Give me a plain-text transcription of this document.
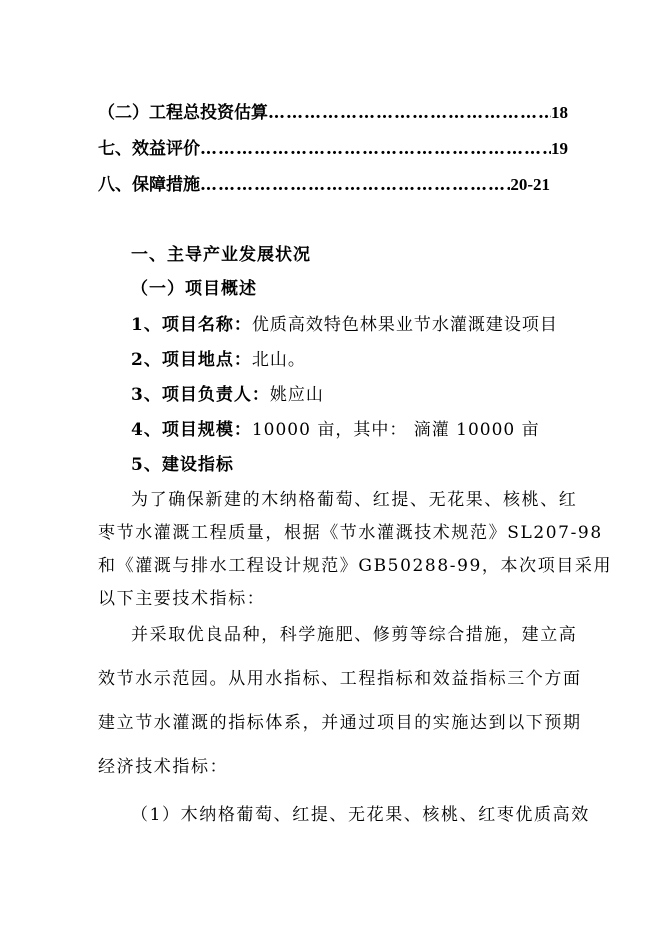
（二）工程总投资估算 ……………………………………………………………………………………………………………………………	18
七、效益评价 ……………………………………………………………………………………………………………………………	19
八、保障措施 ……………………………………………………………………………………………………………………………	20-21
一、主导产业发展状况
（一）项目概述
1、项目名称：优质高效特色林果业节水灌溉建设项目
2、项目地点：北山。
3、项目负责人：姚应山
4、项目规模：10000 亩，其中： 滴灌 10000 亩
5、建设指标
为了确保新建的木纳格葡萄、红提、无花果、核桃、红
枣节水灌溉工程质量，根据《节水灌溉技术规范》SL207-98
和《灌溉与排水工程设计规范》GB50288-99，本次项目采用
以下主要技术指标：
并采取优良品种，科学施肥、修剪等综合措施，建立高
效节水示范园。从用水指标、工程指标和效益指标三个方面
建立节水灌溉的指标体系，并通过项目的实施达到以下预期
经济技术指标：
（1）木纳格葡萄、红提、无花果、核桃、红枣优质高效
